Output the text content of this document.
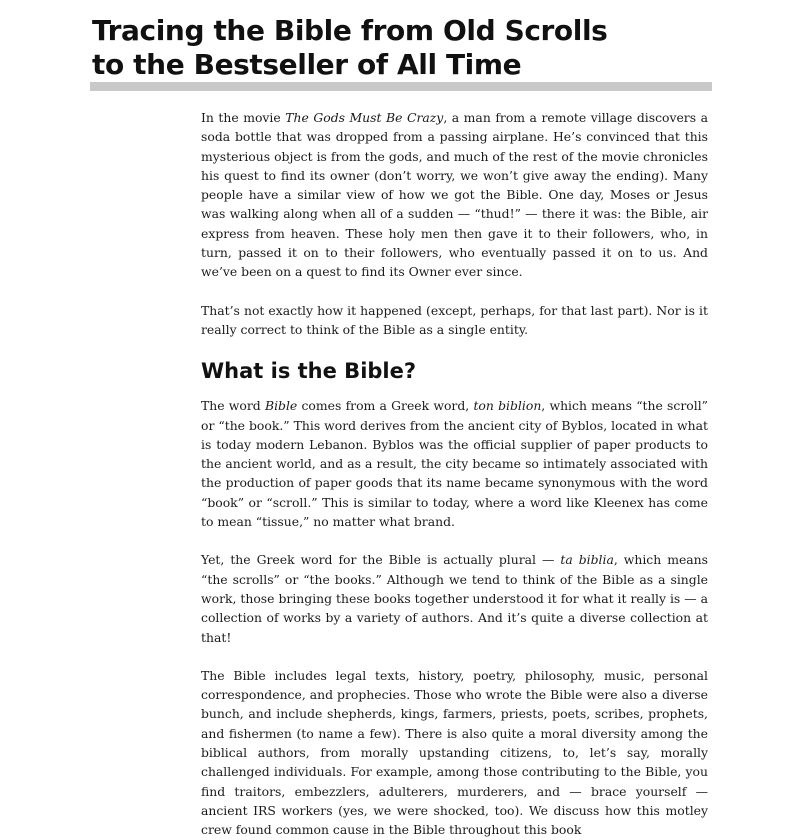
Tracing the Bible from Old Scrolls
to the Bestseller of All Time

In the movie The Gods Must Be Crazy, a man from a remote village discovers a soda bottle that was dropped from a passing airplane. He’s convinced that this mysterious object is from the gods, and much of the rest of the movie chronicles his quest to find its owner (don’t worry, we won’t give away the ending). Many people have a similar view of how we got the Bible. One day, Moses or Jesus was walking along when all of a sudden — “thud!” — there it was: the Bible, air express from heaven. These holy men then gave it to their followers, who, in turn, passed it on to their followers, who eventually passed it on to us. And we’ve been on a quest to find its Owner ever since.

That’s not exactly how it happened (except, perhaps, for that last part). Nor is it really correct to think of the Bible as a single entity.

What is the Bible?

The word Bible comes from a Greek word, ton biblion, which means “the scroll” or “the book.” This word derives from the ancient city of Byblos, located in what is today modern Lebanon. Byblos was the official supplier of paper products to the ancient world, and as a result, the city became so intimately associated with the production of paper goods that its name became synonymous with the word “book” or “scroll.” This is similar to today, where a word like Kleenex has come to mean “tissue,” no matter what brand.

Yet, the Greek word for the Bible is actually plural — ta biblia, which means “the scrolls” or “the books.” Although we tend to think of the Bible as a single work, those bringing these books together understood it for what it really is — a collection of works by a variety of authors. And it’s quite a diverse collection at that!

The Bible includes legal texts, history, poetry, philosophy, music, personal correspondence, and prophecies. Those who wrote the Bible were also a diverse bunch, and include shepherds, kings, farmers, priests, poets, scribes, prophets, and fishermen (to name a few). There is also quite a moral diversity among the biblical authors, from morally upstanding citizens, to, let’s say, morally challenged individuals. For example, among those contributing to the Bible, you find traitors, embezzlers, adulterers, murderers, and — brace yourself — ancient IRS workers (yes, we were shocked, too). We discuss how this motley crew found common cause in the Bible throughout this book
